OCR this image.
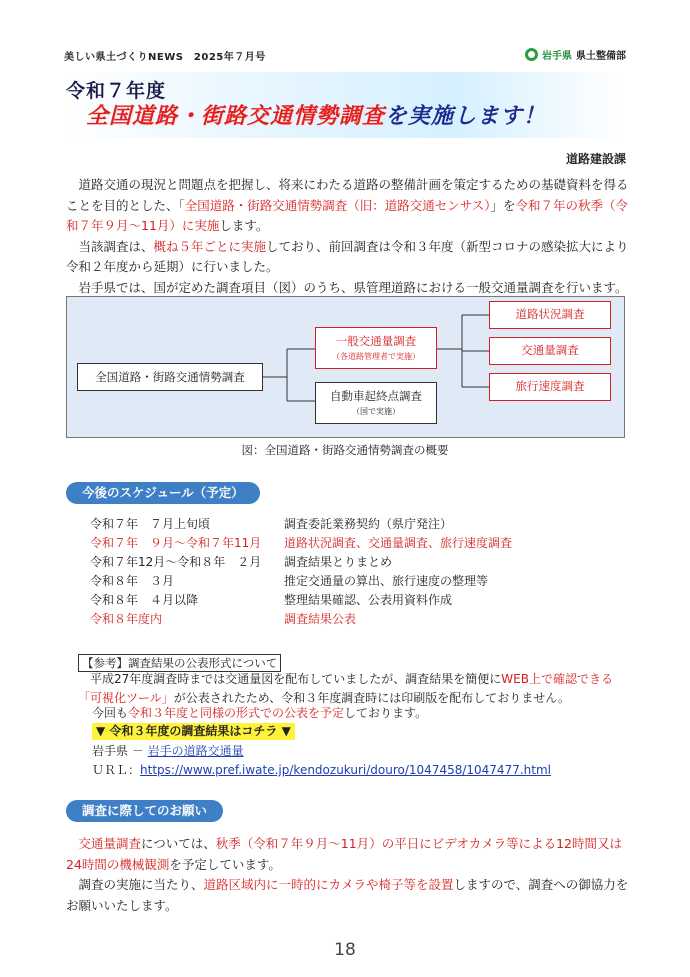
美しい県土づくりNEWS　2025年７月号	岩手県 県土整備部
令和７年度
全国道路・街路交通情勢調査を実施します！
道路建設課

道路交通の現況と問題点を把握し、将来にわたる道路の整備計画を策定するための基礎資料を得ることを目的とした、「全国道路・街路交通情勢調査（旧：道路交通センサス）」を令和７年の秋季（令和７年９月～11月）に実施します。

当該調査は、概ね５年ごとに実施しており、前回調査は令和３年度（新型コロナの感染拡大により令和２年度から延期）に行いました。

岩手県では、国が定めた調査項目（図）のうち、県管理道路における一般交通量調査を行います。

全国道路・街路交通情勢調査
一般交通量調査
（各道路管理者で実施）
自動車起終点調査
（国で実施）
道路状況調査
交通量調査
旅行速度調査
図：全国道路・街路交通情勢調査の概要
今後のスケジュール（予定）
令和７年　７月上旬頃	調査委託業務契約（県庁発注）
令和７年　９月～令和７年11月 道路状況調査、交通量調査、旅行速度調査
令和７年12月～令和８年　２月 調査結果とりまとめ
令和８年　３月	推定交通量の算出、旅行速度の整理等
令和８年　４月以降	整理結果確認、公表用資料作成
令和８年度内	調査結果公表
【参考】調査結果の公表形式について

平成27年度調査時までは交通量図を配布していましたが、調査結果を簡便にWEB上で確認できる「可視化ツール」が公表されたため、令和３年度調査時には印刷版を配布しておりません。

今回も令和３年度と同様の形式での公表を予定しております。
▼ 令和３年度の調査結果はコチラ ▼
岩手県 － 岩手の道路交通量
ＵＲＬ：https://www.pref.iwate.jp/kendozukuri/douro/1047458/1047477.html
調査に際してのお願い

交通量調査については、秋季（令和７年９月～11月）の平日にビデオカメラ等による12時間又は24時間の機械観測を予定しています。

調査の実施に当たり、道路区域内に一時的にカメラや椅子等を設置しますので、調査への御協力をお願いいたします。

18
